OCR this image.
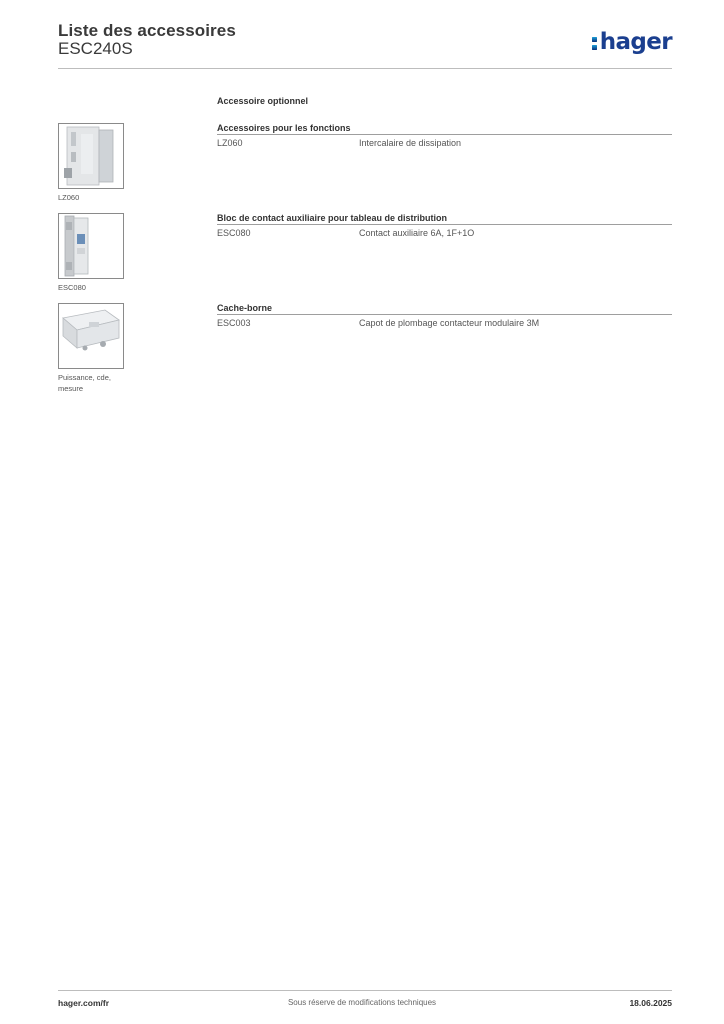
Liste des accessoires
ESC240S	hager
LZ060
ESC080
Puissance, cde, mesure
Accessoire optionnel
Accessoires pour les fonctions
LZ060	Intercalaire de dissipation
Bloc de contact auxiliaire pour tableau de distribution
ESC080	Contact auxiliaire 6A, 1F+1O
Cache-borne
ESC003	Capot de plombage contacteur modulaire 3M
hager.com/fr	Sous réserve de modifications techniques	18.06.2025
